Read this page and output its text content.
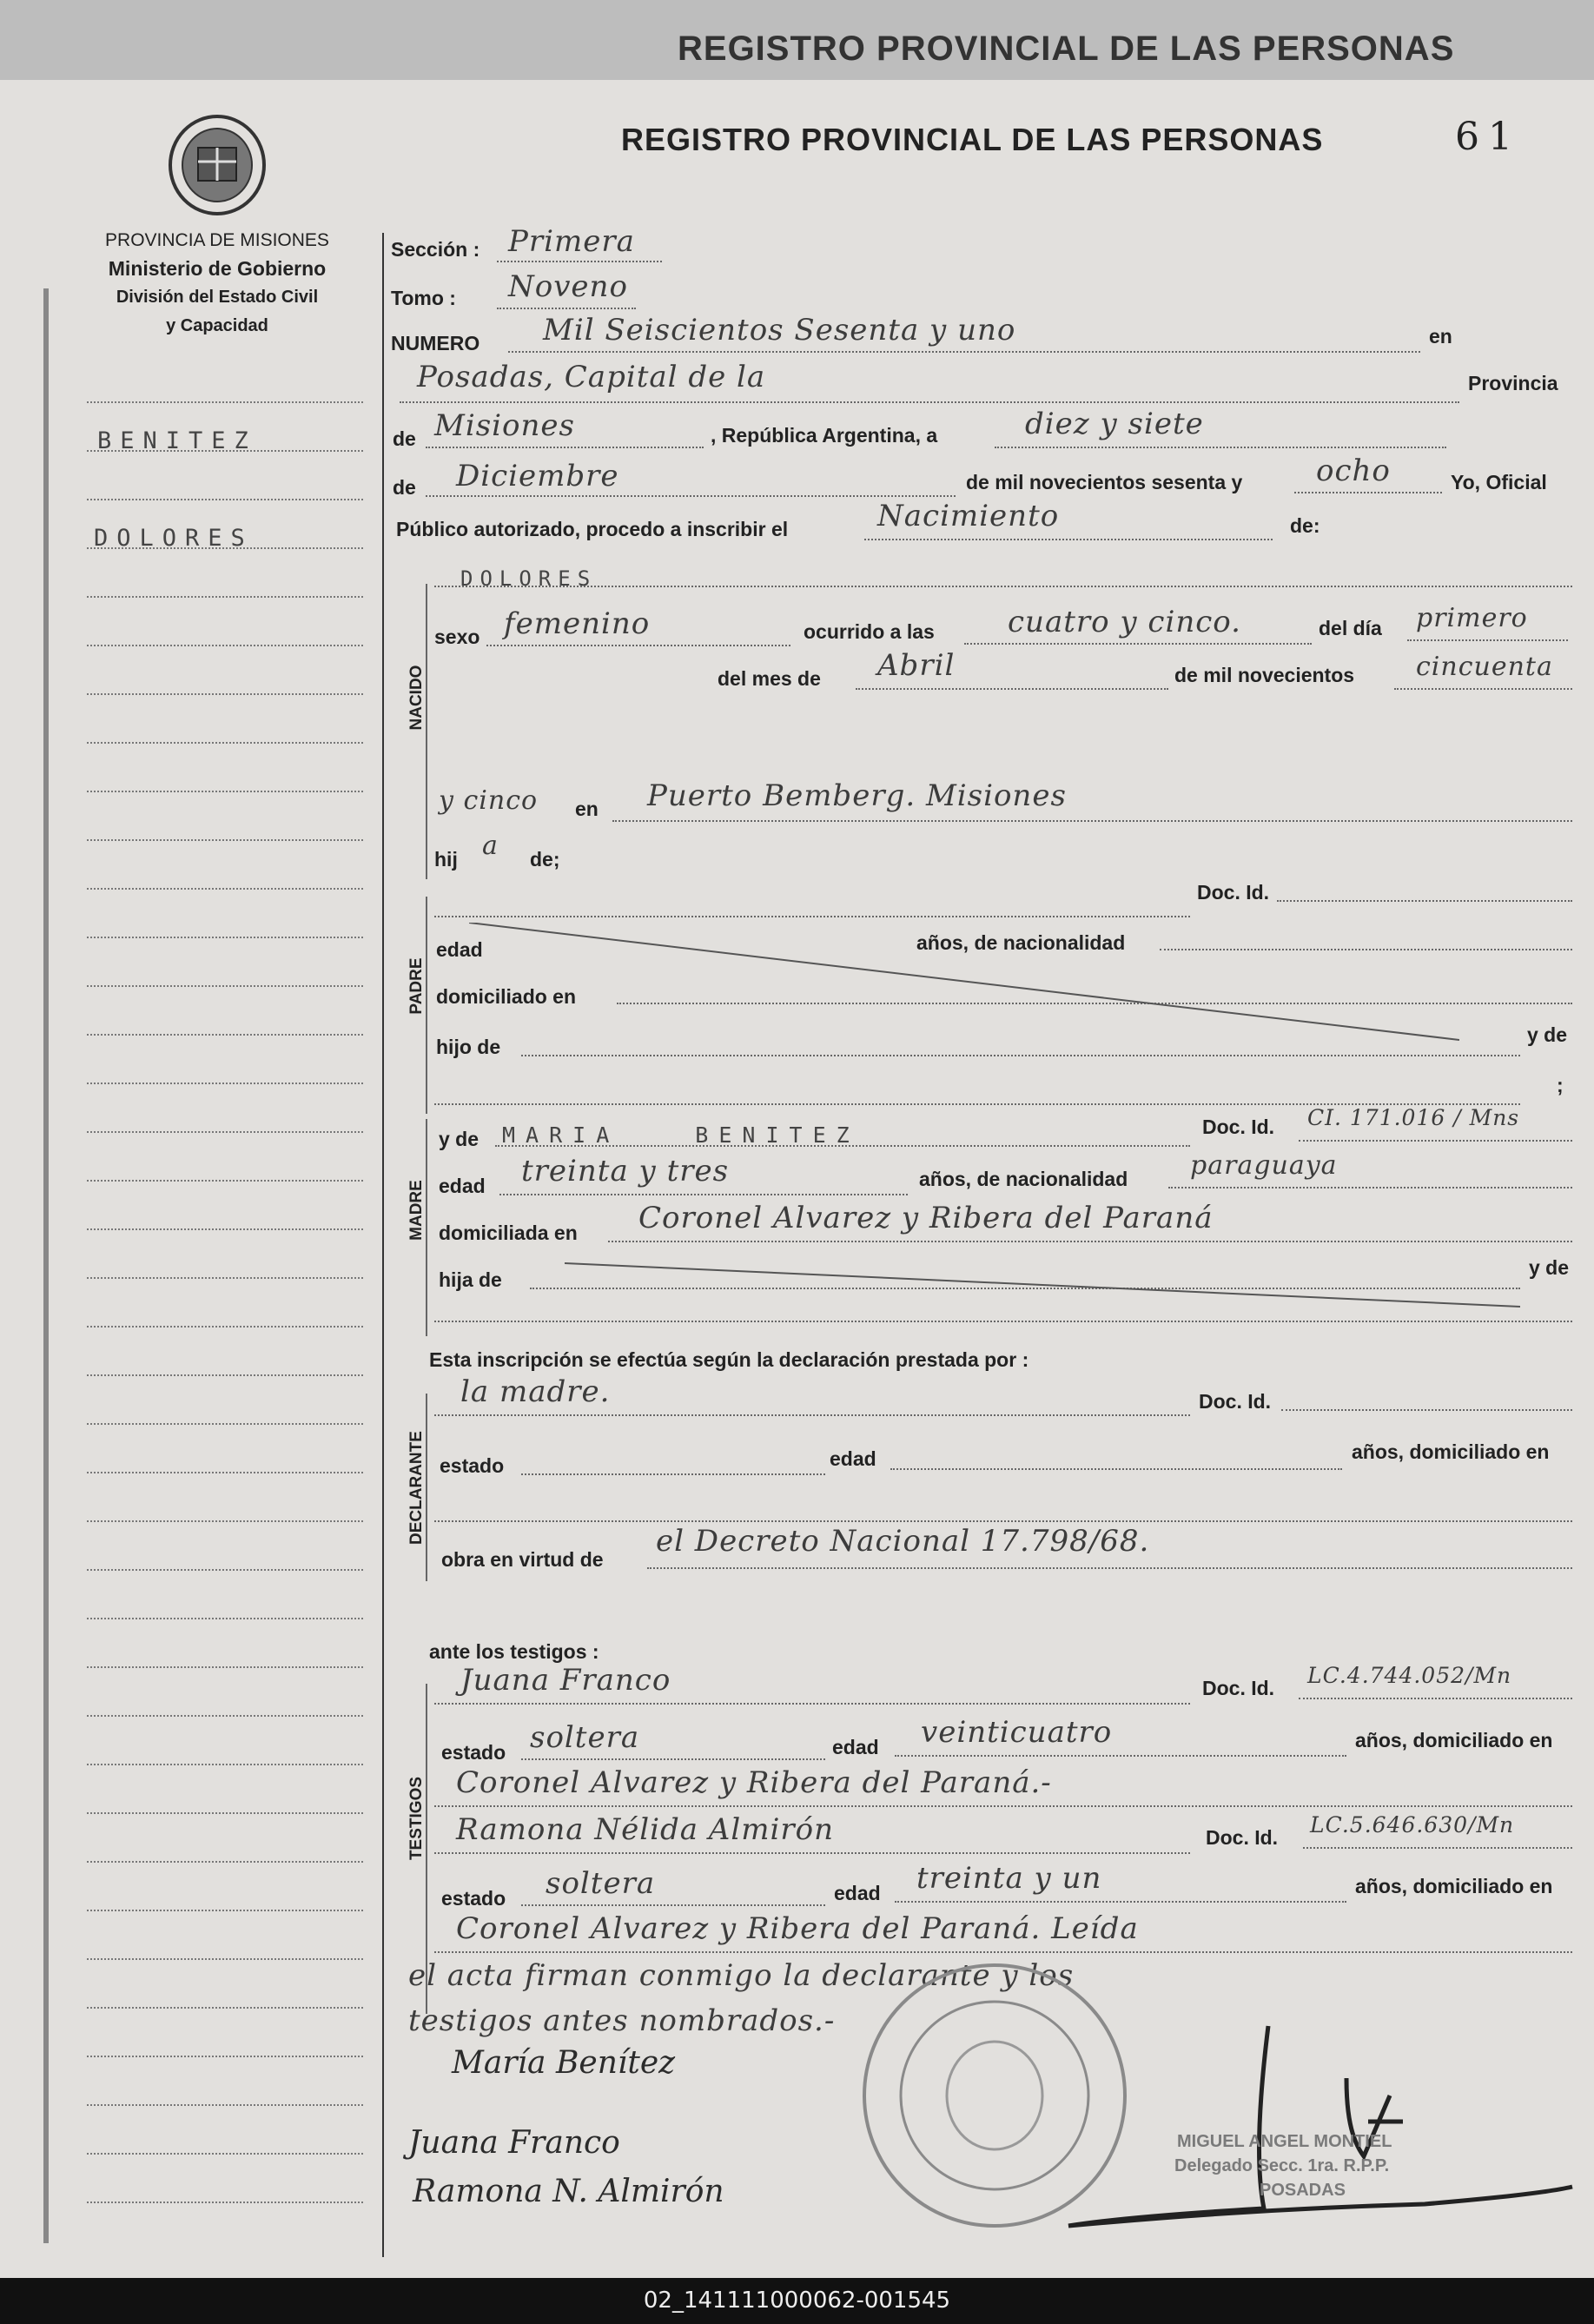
REGISTRO PROVINCIAL DE LAS PERSONAS
REGISTRO PROVINCIAL DE LAS PERSONAS	61
PROVINCIA DE MISIONES
Ministerio de Gobierno
División del Estado Civil
y Capacidad
BENITEZ
DOLORES
Sección : Primera
Tomo : Noveno
NUMERO Mil Seiscientos Sesenta y uno	en
Posadas, Capital de la	Provincia
de Misiones	, República Argentina, a	diez y siete
de Diciembre	de mil novecientos sesenta y ocho	Yo, Oficial
Público autorizado, procedo a inscribir el	Nacimiento	de:
NACIDO
DOLORES
sexo femenino	ocurrido a las cuatro y cinco.	del día primero
del mes de Abril	de mil novecientos cincuenta
y cinco en Puerto Bemberg. Misiones
hij a de;
PADRE
Doc. Id.
edad	años, de nacionalidad
domiciliado en
hijo de
y de
;
MADRE
y de MARIA BENITEZ	Doc. Id. CI. 171.016 / Mns
edad treinta y tres	años, de nacionalidad paraguaya
domiciliada en Coronel Alvarez y Ribera del Paraná
hija de
y de
Esta inscripción se efectúa según la declaración prestada por :
DECLARANTE
la madre.	Doc. Id.
estado	edad	años, domiciliado en
obra en virtud de
el Decreto Nacional 17.798/68.
ante los testigos :
TESTIGOS
Juana Franco	Doc. Id. LC.4.744.052/Mn
estado soltera	edad veinticuatro	años, domiciliado en
Coronel Alvarez y Ribera del Paraná.-
Ramona Nélida Almirón	Doc. Id. LC.5.646.630/Mn
estado soltera	edad treinta y un	años, domiciliado en
Coronel Alvarez y Ribera del Paraná. Leída
el acta firman conmigo la declarante y los
testigos antes nombrados.-
María Benítez
Juana Franco
Ramona N. Almirón
MIGUEL ANGEL MONTIEL
Delegado Secc. 1ra. R.P.P.
POSADAS
02_141111000062-001545
